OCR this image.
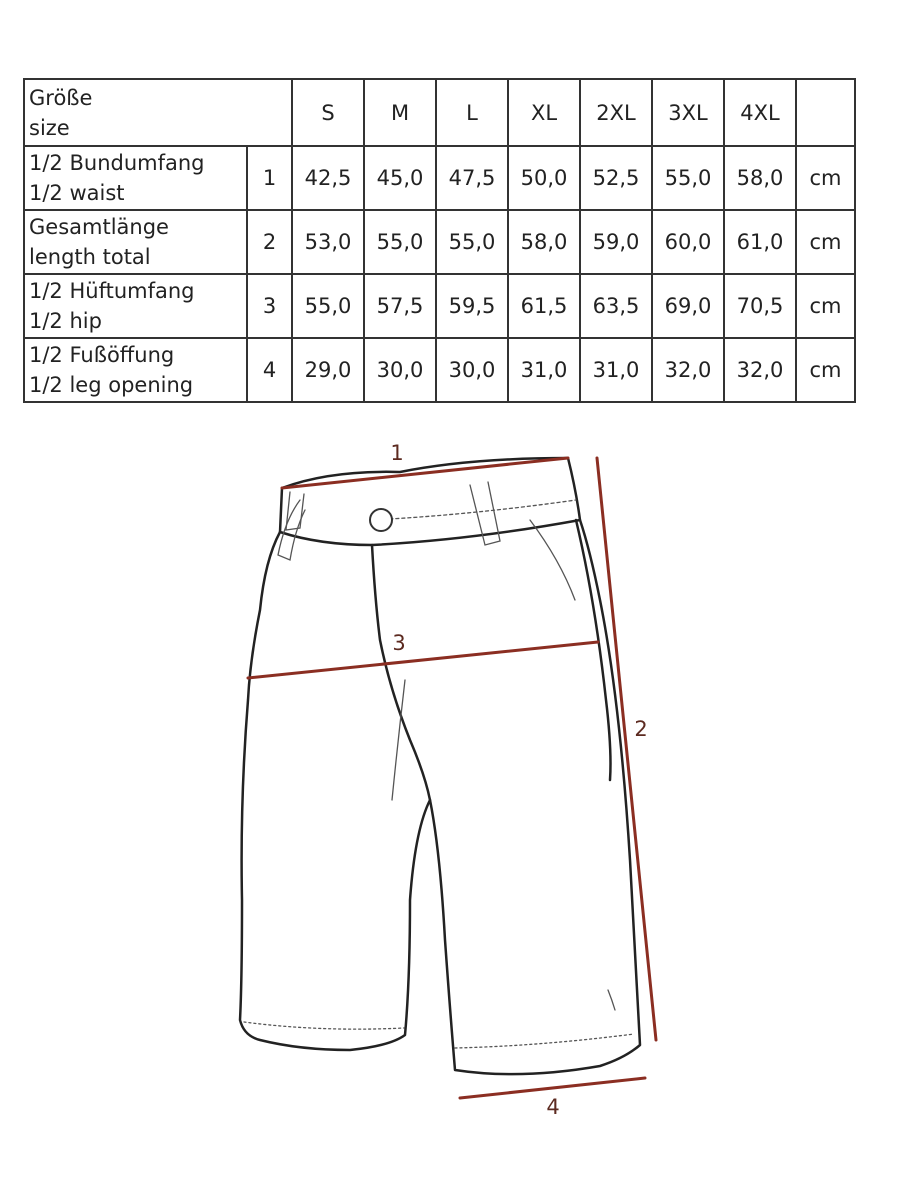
Größe
size		S	M	L	XL	2XL	3XL	4XL	

1/2 Bundumfang
1/2 waist	1	42,5	45,0	47,5	50,0	52,5	55,0	58,0	cm

Gesamtlänge
length total	2	53,0	55,0	55,0	58,0	59,0	60,0	61,0	cm

1/2 Hüftumfang
1/2 hip	3	55,0	57,5	59,5	61,5	63,5	69,0	70,5	cm

1/2 Fußöffung
1/2 leg opening	4	29,0	30,0	30,0	31,0	31,0	32,0	32,0	cm
1
2
3
4
